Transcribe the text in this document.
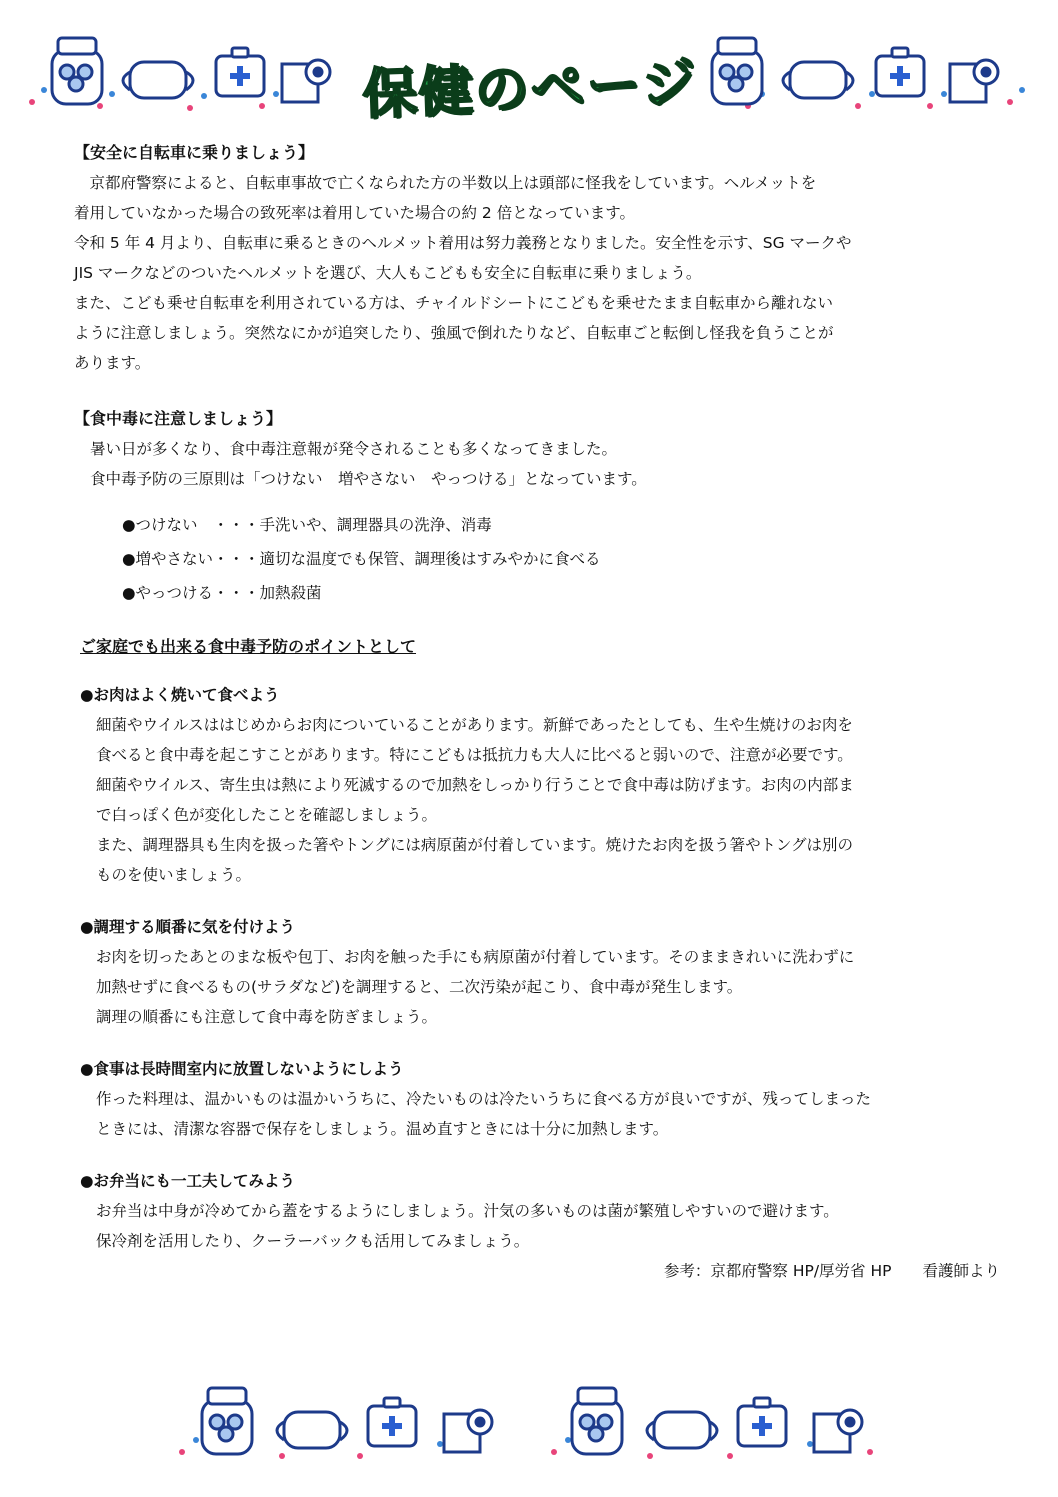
保健のページ

【安全に自転車に乗りましょう】

　京都府警察によると、自転車事故で亡くなられた方の半数以上は頭部に怪我をしています。ヘルメットを

着用していなかった場合の致死率は着用していた場合の約 2 倍となっています。

令和 5 年 4 月より、自転車に乗るときのヘルメット着用は努力義務となりました。安全性を示す、SG マークや

JIS マークなどのついたヘルメットを選び、大人もこどもも安全に自転車に乗りましょう。

また、こども乗せ自転車を利用されている方は、チャイルドシートにこどもを乗せたまま自転車から離れない

ように注意しましょう。突然なにかが追突したり、強風で倒れたりなど、自転車ごと転倒し怪我を負うことが

あります。

【食中毒に注意しましょう】

暑い日が多くなり、食中毒注意報が発令されることも多くなってきました。

食中毒予防の三原則は「つけない　増やさない　やっつける」となっています。

●つけない　・・・手洗いや、調理器具の洗浄、消毒

●増やさない・・・適切な温度でも保管、調理後はすみやかに食べる

●やっつける・・・加熱殺菌

ご家庭でも出来る食中毒予防のポイントとして

●お肉はよく焼いて食べよう

細菌やウイルスははじめからお肉についていることがあります。新鮮であったとしても、生や生焼けのお肉を

食べると食中毒を起こすことがあります。特にこどもは抵抗力も大人に比べると弱いので、注意が必要です。

細菌やウイルス、寄生虫は熱により死滅するので加熱をしっかり行うことで食中毒は防げます。お肉の内部ま

で白っぽく色が変化したことを確認しましょう。

また、調理器具も生肉を扱った箸やトングには病原菌が付着しています。焼けたお肉を扱う箸やトングは別の

ものを使いましょう。

●調理する順番に気を付けよう

お肉を切ったあとのまな板や包丁、お肉を触った手にも病原菌が付着しています。そのままきれいに洗わずに

加熱せずに食べるもの(サラダなど)を調理すると、二次汚染が起こり、食中毒が発生します。

調理の順番にも注意して食中毒を防ぎましょう。

●食事は長時間室内に放置しないようにしよう

作った料理は、温かいものは温かいうちに、冷たいものは冷たいうちに食べる方が良いですが、残ってしまった

ときには、清潔な容器で保存をしましょう。温め直すときには十分に加熱します。

●お弁当にも一工夫してみよう

お弁当は中身が冷めてから蓋をするようにしましょう。汁気の多いものは菌が繁殖しやすいので避けます。

保冷剤を活用したり、クーラーバックも活用してみましょう。

参考：京都府警察 HP/厚労省 HP　　看護師より
